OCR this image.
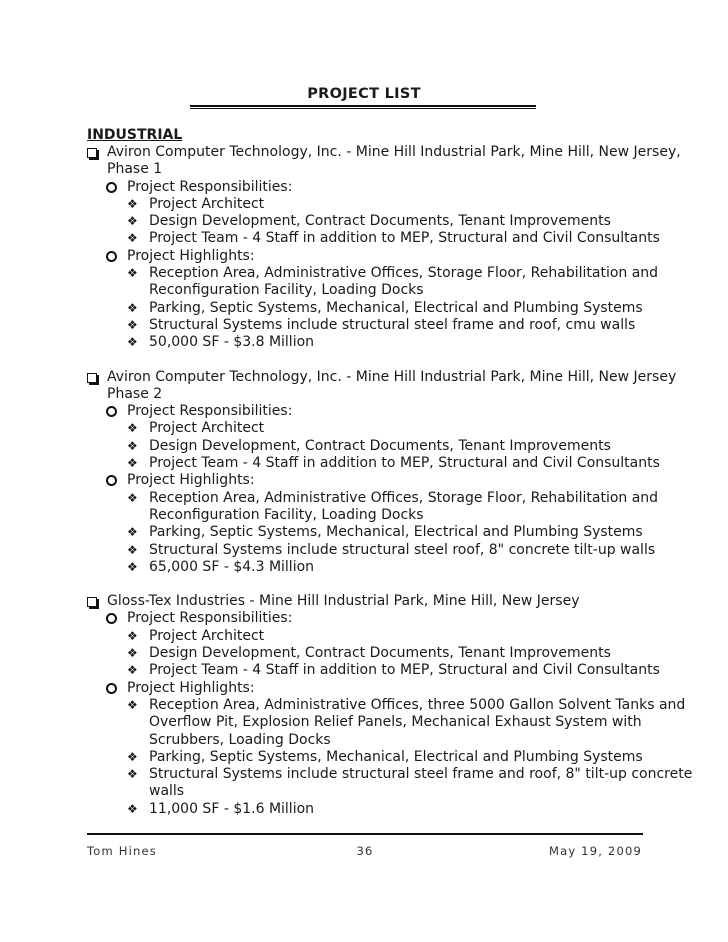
PROJECT LIST
INDUSTRIAL
Aviron Computer Technology, Inc. - Mine Hill Industrial Park, Mine Hill, New Jersey,
Phase 1
Project Responsibilities:
❖ Project Architect
❖ Design Development, Contract Documents, Tenant Improvements
❖ Project Team - 4 Staff in addition to MEP, Structural and Civil Consultants
Project Highlights:
❖ Reception Area, Administrative Offices, Storage Floor, Rehabilitation and
Reconfiguration Facility, Loading Docks
❖ Parking, Septic Systems, Mechanical, Electrical and Plumbing Systems
❖ Structural Systems include structural steel frame and roof, cmu walls
❖ 50,000 SF - $3.8 Million
Aviron Computer Technology, Inc. - Mine Hill Industrial Park, Mine Hill, New Jersey
Phase 2
Project Responsibilities:
❖ Project Architect
❖ Design Development, Contract Documents, Tenant Improvements
❖ Project Team - 4 Staff in addition to MEP, Structural and Civil Consultants
Project Highlights:
❖ Reception Area, Administrative Offices, Storage Floor, Rehabilitation and
Reconfiguration Facility, Loading Docks
❖ Parking, Septic Systems, Mechanical, Electrical and Plumbing Systems
❖ Structural Systems include structural steel roof, 8" concrete tilt-up walls
❖ 65,000 SF - $4.3 Million
Gloss-Tex Industries - Mine Hill Industrial Park, Mine Hill, New Jersey
Project Responsibilities:
❖ Project Architect
❖ Design Development, Contract Documents, Tenant Improvements
❖ Project Team - 4 Staff in addition to MEP, Structural and Civil Consultants
Project Highlights:
❖ Reception Area, Administrative Offices, three 5000 Gallon Solvent Tanks and
Overflow Pit, Explosion Relief Panels, Mechanical Exhaust System with
Scrubbers, Loading Docks
❖ Parking, Septic Systems, Mechanical, Electrical and Plumbing Systems
❖ Structural Systems include structural steel frame and roof, 8" tilt-up concrete
walls
❖ 11,000 SF - $1.6 Million
Tom Hines	36	May 19, 2009
